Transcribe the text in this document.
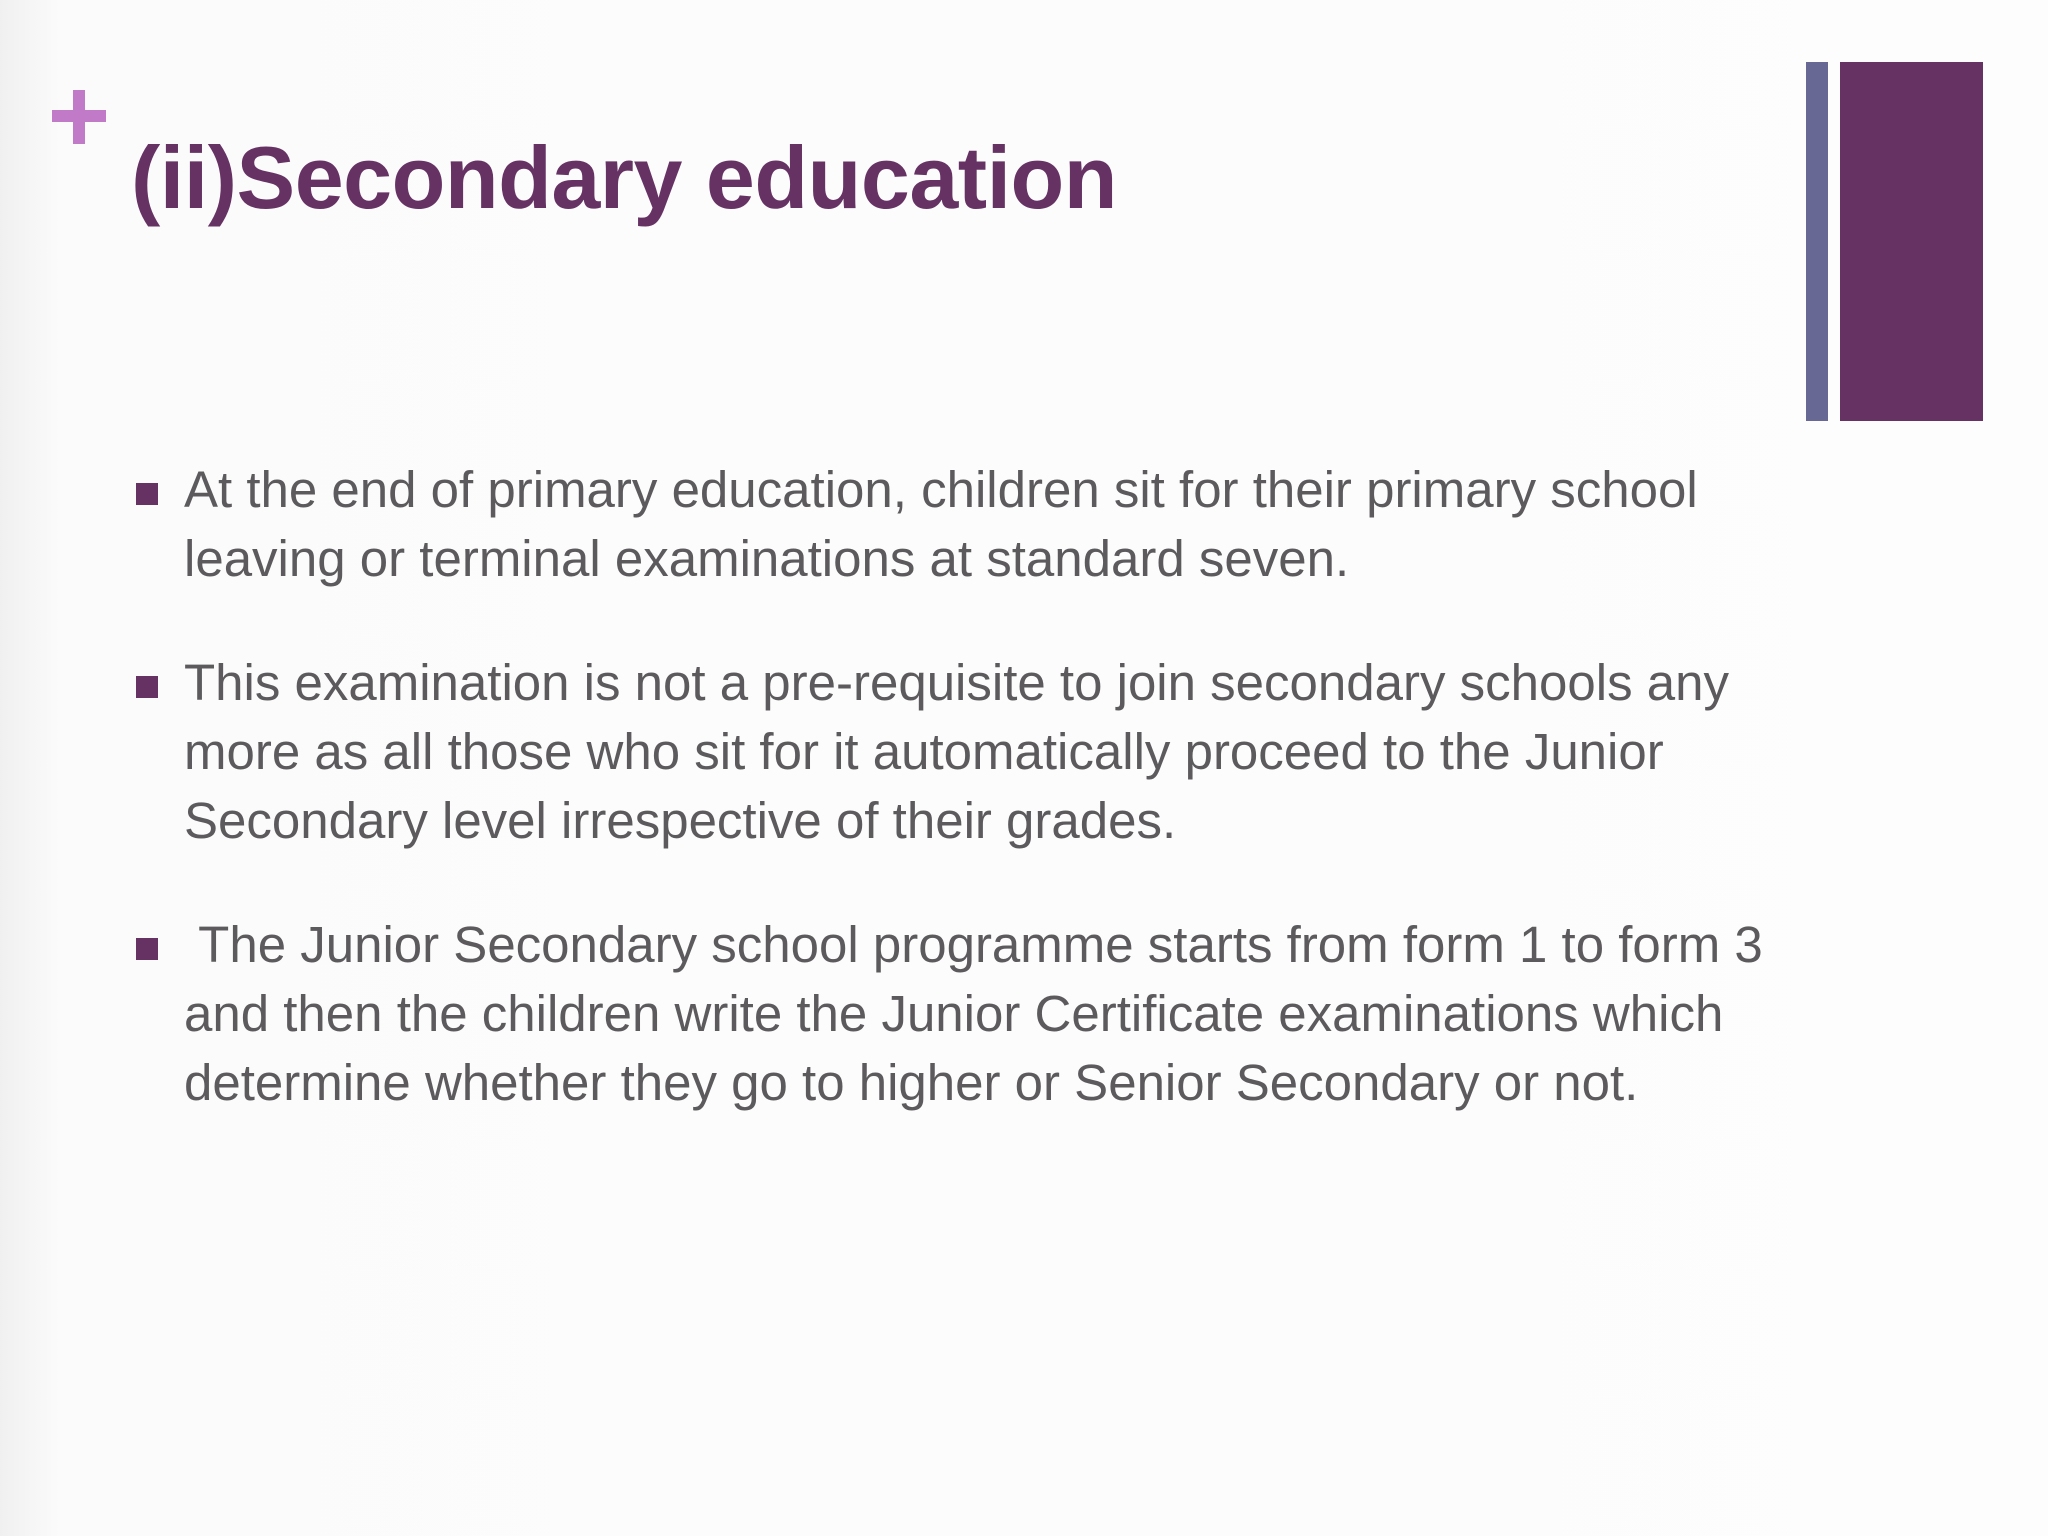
(ii)Secondary education
At the end of primary education, children sit for their primary school leaving or terminal examinations at standard seven.
This examination is not a pre-requisite to join secondary schools any more as all those who sit for it automatically proceed to the Junior Secondary level irrespective of their grades.
The Junior Secondary school programme starts from form 1 to form 3 and then the children write the Junior Certificate examinations which determine whether they go to higher or Senior Secondary or not.
